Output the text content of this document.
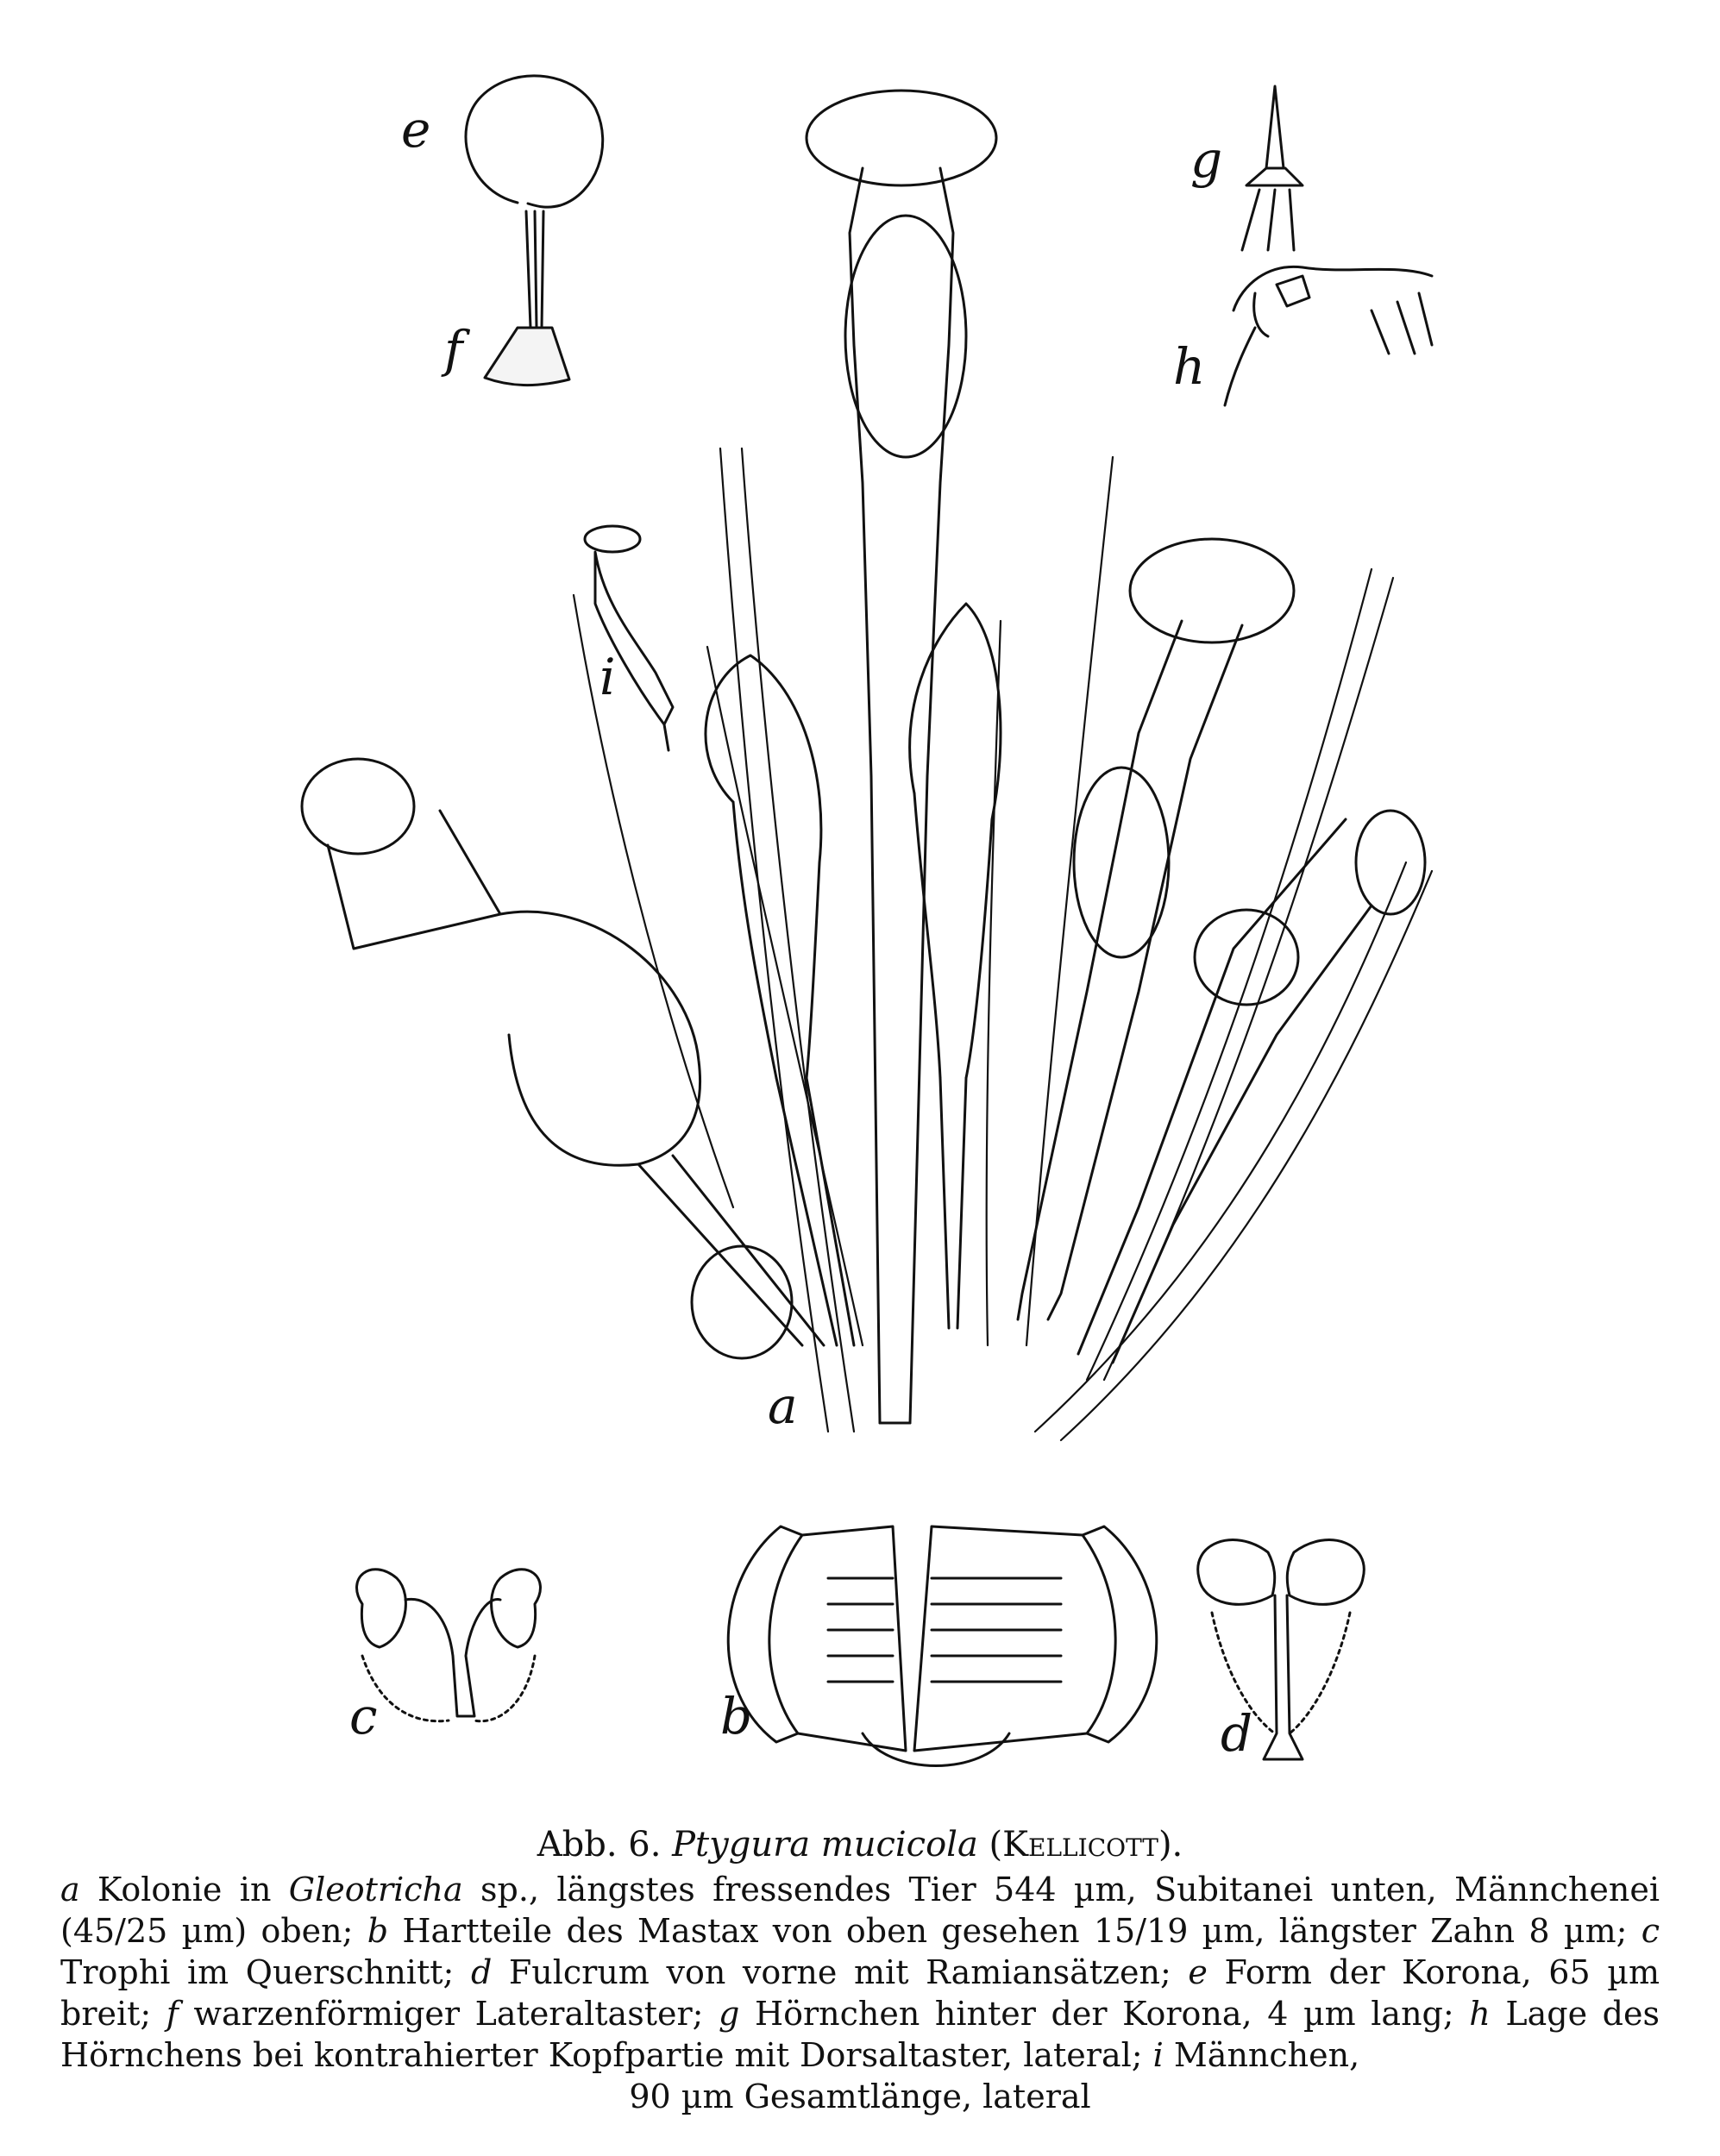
e
f
g
h
i
a
c	b	d

Abb. 6. Ptygura mucicola (Kellicott).

a Kolonie in Gleotricha sp., längstes fressendes Tier 544 µm, Subitanei unten, Männchenei (45/25 µm) oben; b Hartteile des Mastax von oben gesehen 15/19 µm, längster Zahn 8 µm; c Trophi im Querschnitt; d Fulcrum von vorne mit Ramiansätzen; e Form der Korona, 65 µm breit; f warzenförmiger Lateraltaster; g Hörnchen hinter der Korona, 4 µm lang; h Lage des Hörnchens bei kontrahierter Kopfpartie mit Dorsaltaster, lateral; i Männchen,

90 µm Gesamtlänge, lateral
